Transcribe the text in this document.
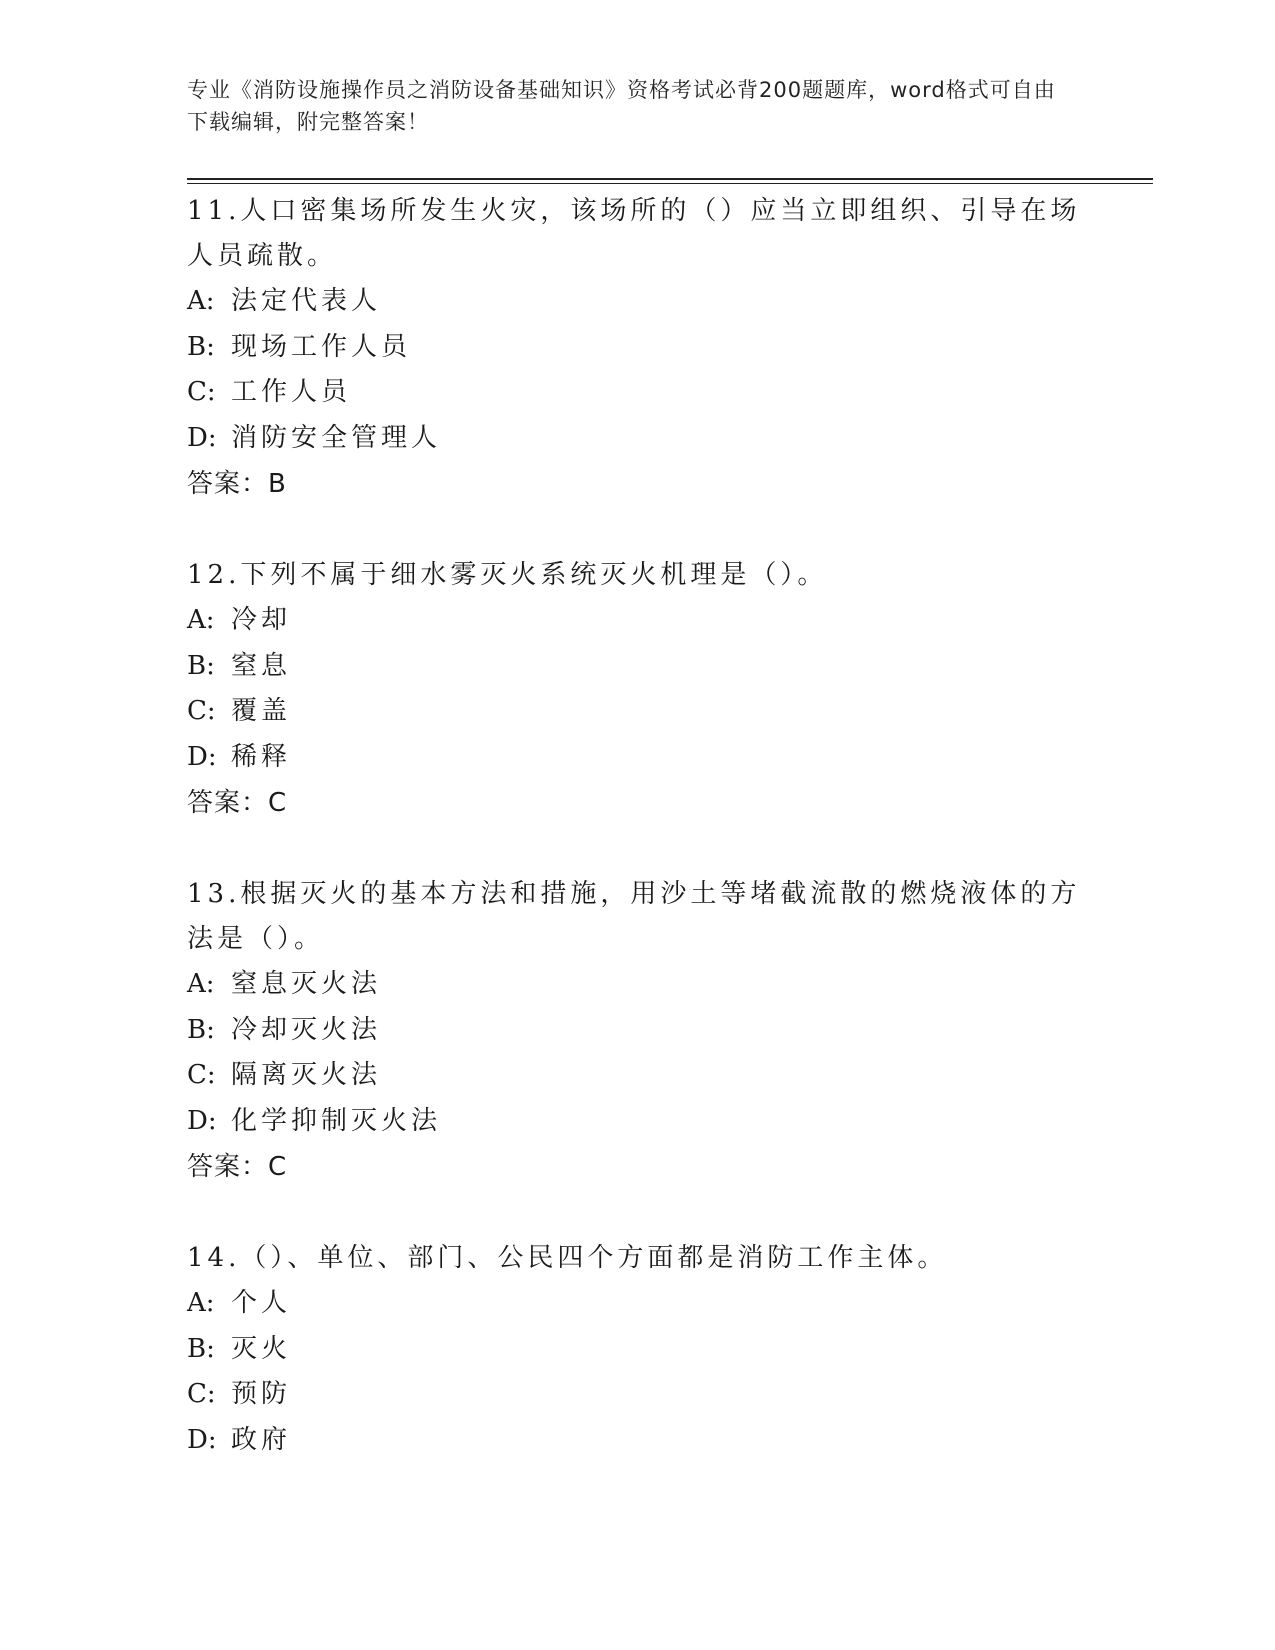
专业《消防设施操作员之消防设备基础知识》资格考试必背200题题库，word格式可自由下载编辑，附完整答案！
11.人口密集场所发生火灾，该场所的（）应当立即组织、引导在场人员疏散。
A: 法定代表人
B: 现场工作人员
C: 工作人员
D: 消防安全管理人
答案：B
12.下列不属于细水雾灭火系统灭火机理是（）。
A: 冷却
B: 窒息
C: 覆盖
D: 稀释
答案：C
13.根据灭火的基本方法和措施，用沙土等堵截流散的燃烧液体的方法是（）。
A: 窒息灭火法
B: 冷却灭火法
C: 隔离灭火法
D: 化学抑制灭火法
答案：C
14.（）、单位、部门、公民四个方面都是消防工作主体。
A: 个人
B: 灭火
C: 预防
D: 政府
